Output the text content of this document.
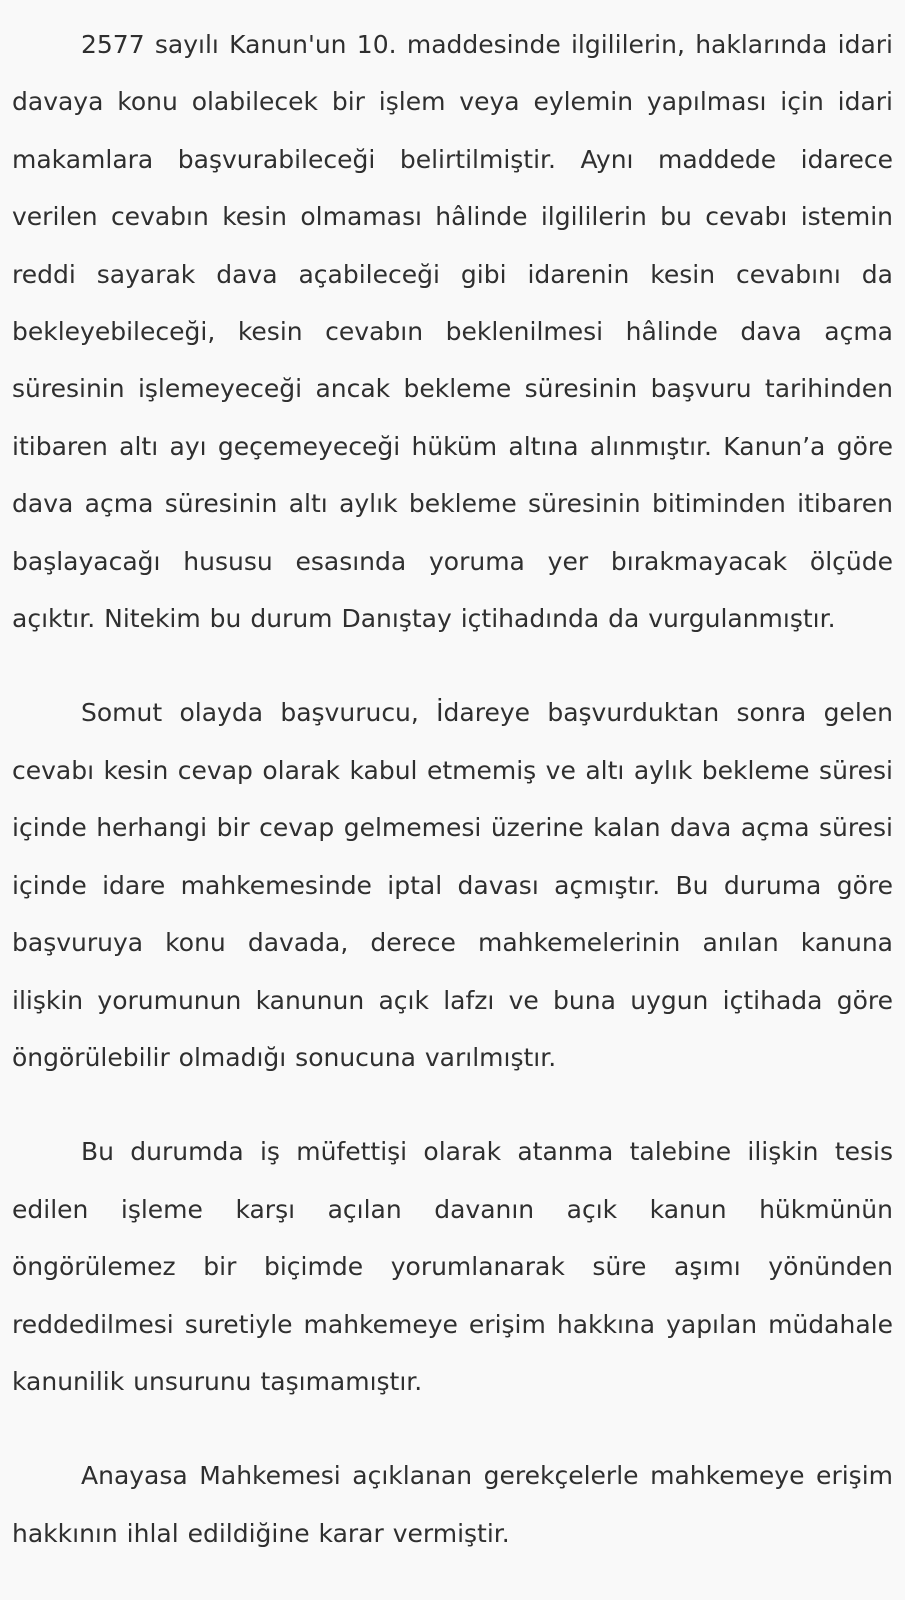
2577 sayılı Kanun'un 10. maddesinde ilgililerin, haklarında idari davaya konu olabilecek bir işlem veya eylemin yapılması için idari makamlara başvurabileceği belirtilmiştir. Aynı maddede idarece verilen cevabın kesin olmaması hâlinde ilgililerin bu cevabı istemin reddi sayarak dava açabileceği gibi idarenin kesin cevabını da bekleyebileceği, kesin cevabın beklenilmesi hâlinde dava açma süresinin işlemeyeceği ancak bekleme süresinin başvuru tarihinden itibaren altı ayı geçemeyeceği hüküm altına alınmıştır. Kanun’a göre dava açma süresinin altı aylık bekleme süresinin bitiminden itibaren başlayacağı hususu esasında yoruma yer bırakmayacak ölçüde açıktır. Nitekim bu durum Danıştay içtihadında da vurgulanmıştır.

Somut olayda başvurucu, İdareye başvurduktan sonra gelen cevabı kesin cevap olarak kabul etmemiş ve altı aylık bekleme süresi içinde herhangi bir cevap gelmemesi üzerine kalan dava açma süresi içinde idare mahkemesinde iptal davası açmıştır. Bu duruma göre başvuruya konu davada, derece mahkemelerinin anılan kanuna ilişkin yorumunun kanunun açık lafzı ve buna uygun içtihada göre öngörülebilir olmadığı sonucuna varılmıştır.

Bu durumda iş müfettişi olarak atanma talebine ilişkin tesis edilen işleme karşı açılan davanın açık kanun hükmünün öngörülemez bir biçimde yorumlanarak süre aşımı yönünden reddedilmesi suretiyle mahkemeye erişim hakkına yapılan müdahale kanunilik unsurunu taşımamıştır.

Anayasa Mahkemesi açıklanan gerekçelerle mahkemeye erişim hakkının ihlal edildiğine karar vermiştir.
